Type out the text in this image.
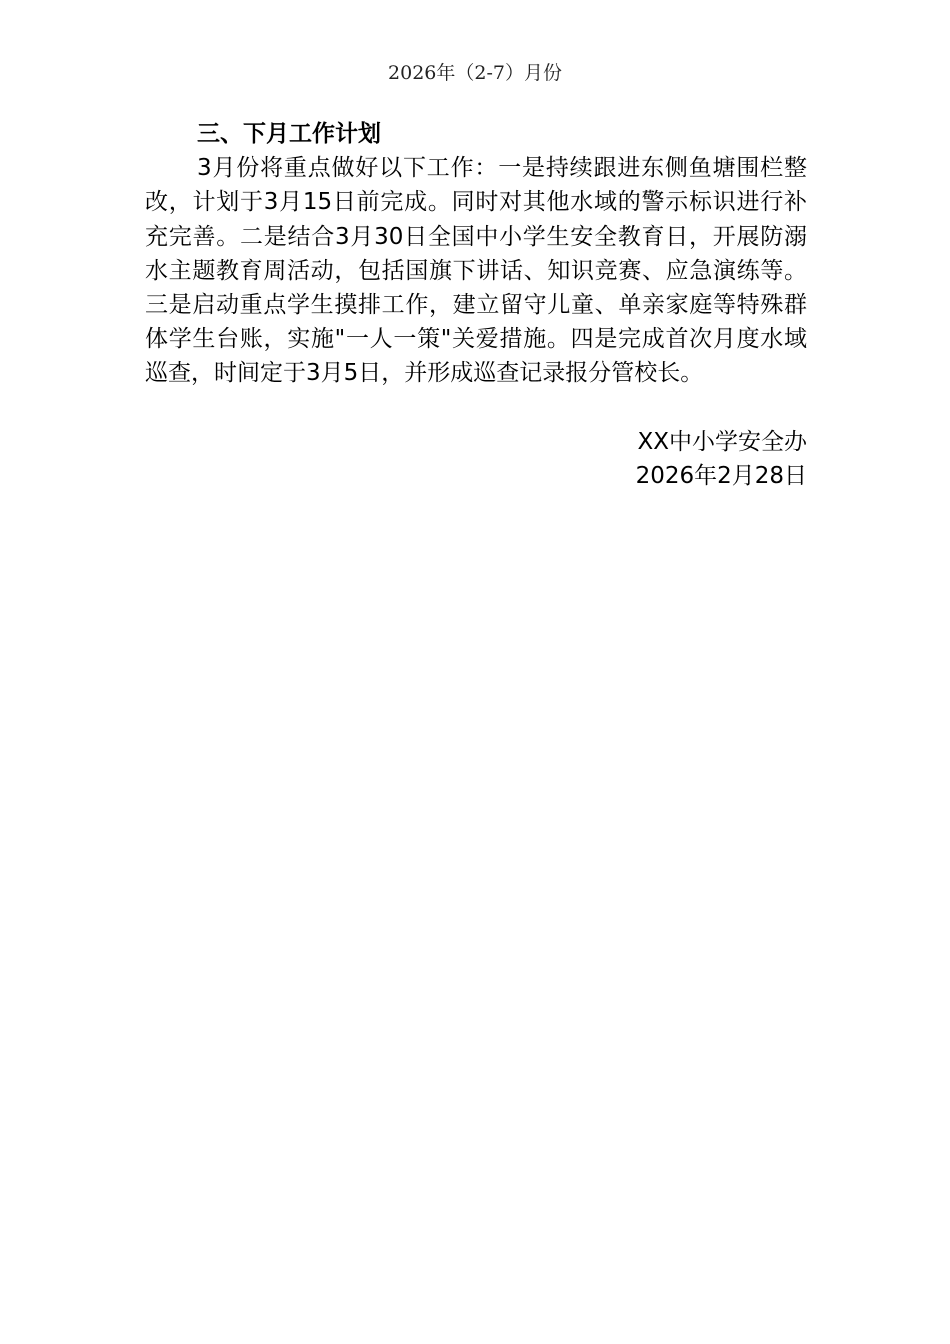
2026年（2-7）月份

三、下月工作计划

3月份将重点做好以下工作：一是持续跟进东侧鱼塘围栏整改，计划于3月15日前完成。同时对其他水域的警示标识进行补充完善。二是结合3月30日全国中小学生安全教育日，开展防溺水主题教育周活动，包括国旗下讲话、知识竞赛、应急演练等。三是启动重点学生摸排工作，建立留守儿童、单亲家庭等特殊群体学生台账，实施"一人一策"关爱措施。四是完成首次月度水域巡查，时间定于3月5日，并形成巡查记录报分管校长。

XX中小学安全办
2026年2月28日
